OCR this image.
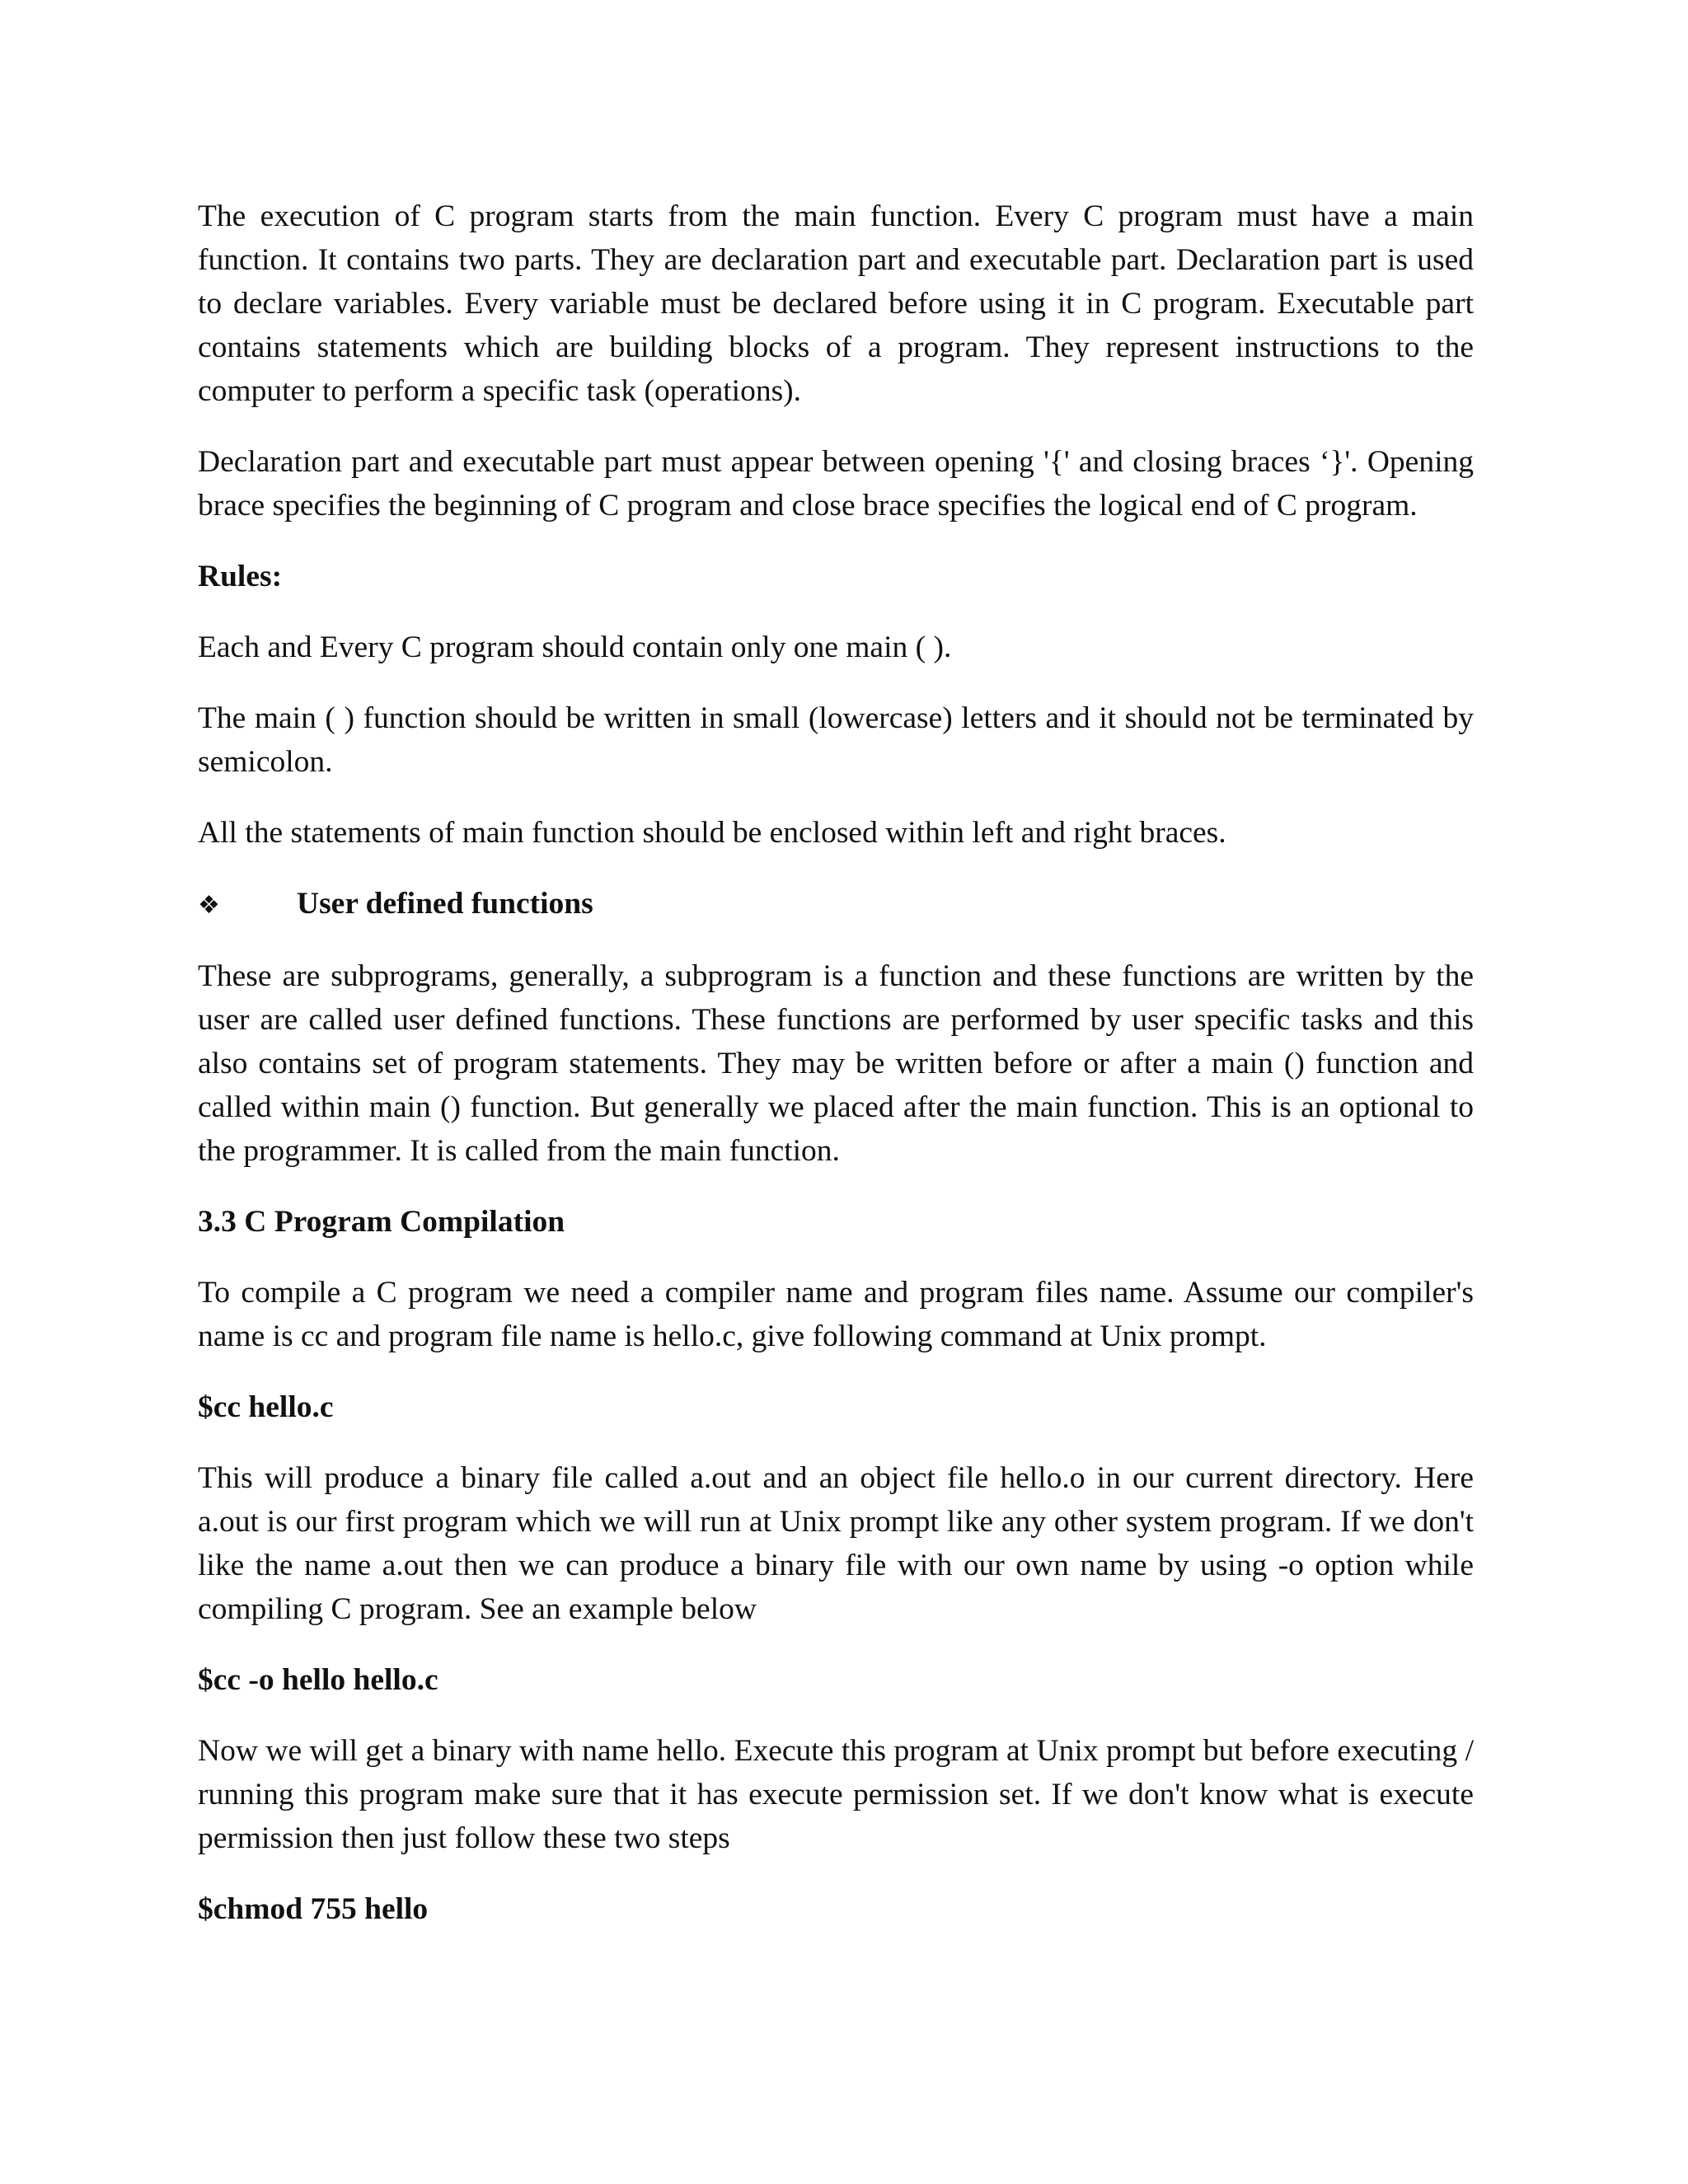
The execution of C program starts from the main function. Every C program must have a main function. It contains two parts. They are declaration part and executable part. Declaration part is used to declare variables. Every variable must be declared before using it in C program. Executable part contains statements which are building blocks of a program. They represent instructions to the computer to perform a specific task (operations).

Declaration part and executable part must appear between opening '{' and closing braces ‘}'. Opening brace specifies the beginning of C program and close brace specifies the logical end of C program.

Rules:

Each and Every C program should contain only one main ( ).

The main ( ) function should be written in small (lowercase) letters and it should not be terminated by semicolon.

All the statements of main function should be enclosed within left and right braces.

❖	User defined functions

These are subprograms, generally, a subprogram is a function and these functions are written by the user are called user defined functions. These functions are performed by user specific tasks and this also contains set of program statements. They may be written before or after a main () function and called within main () function. But generally we placed after the main function. This is an optional to the programmer. It is called from the main function.

3.3 C Program Compilation

To compile a C program we need a compiler name and program files name. Assume our compiler's name is cc and program file name is hello.c, give following command at Unix prompt.

$cc hello.c

This will produce a binary file called a.out and an object file hello.o in our current directory. Here a.out is our first program which we will run at Unix prompt like any other system program. If we don't like the name a.out then we can produce a binary file with our own name by using -o option while compiling C program. See an example below

$cc -o hello hello.c

Now we will get a binary with name hello. Execute this program at Unix prompt but before executing / running this program make sure that it has execute permission set. If we don't know what is execute permission then just follow these two steps

$chmod 755 hello
